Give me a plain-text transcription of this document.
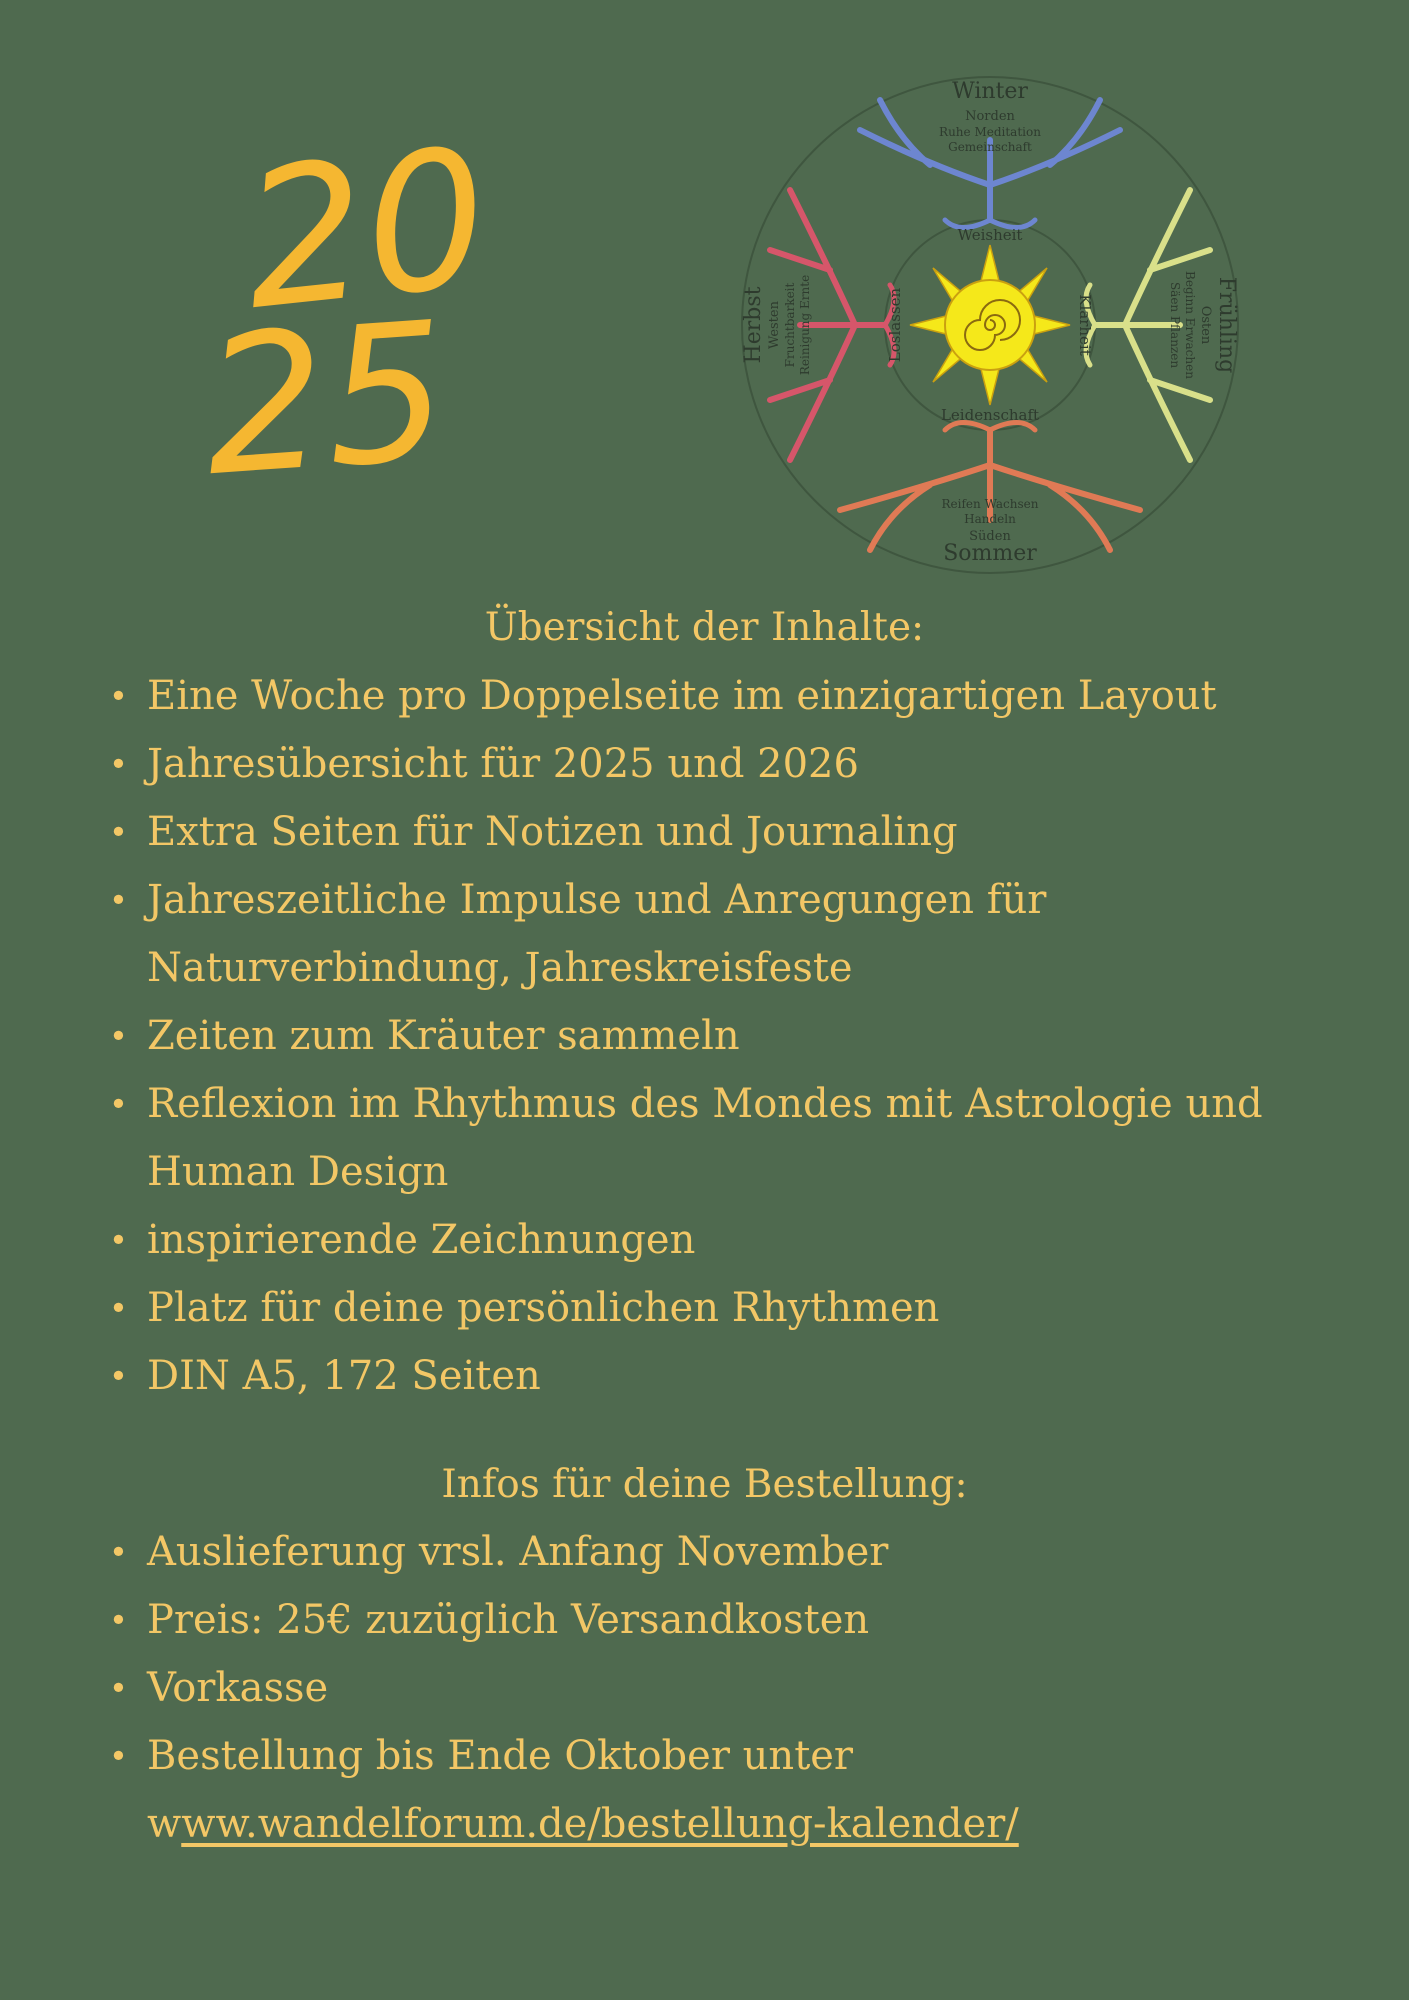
20
25
Winter
Norden
Ruhe Meditation
Gemeinschaft
Weisheit
Sommer
Süden
Reifen Wachsen
Handeln
Leidenschaft
Herbst Westen Fruchtbarkeit Reinigung Ernte	Loslassen	Frühling
Osten
Beginn Erwachen
Säen Pflanzen
Klarheit
Übersicht der Inhalte:
• Eine Woche pro Doppelseite im einzigartigen Layout
• Jahresübersicht für 2025 und 2026
• Extra Seiten für Notizen und Journaling
• Jahreszeitliche Impulse und Anregungen für
Naturverbindung, Jahreskreisfeste
• Zeiten zum Kräuter sammeln
• Reflexion im Rhythmus des Mondes mit Astrologie und
Human Design
• inspirierende Zeichnungen
• Platz für deine persönlichen Rhythmen
• DIN A5, 172 Seiten
Infos für deine Bestellung:
• Auslieferung vrsl. Anfang November
• Preis: 25€ zuzüglich Versandkosten
• Vorkasse
• Bestellung bis Ende Oktober unter
www.wandelforum.de/bestellung-kalender/
